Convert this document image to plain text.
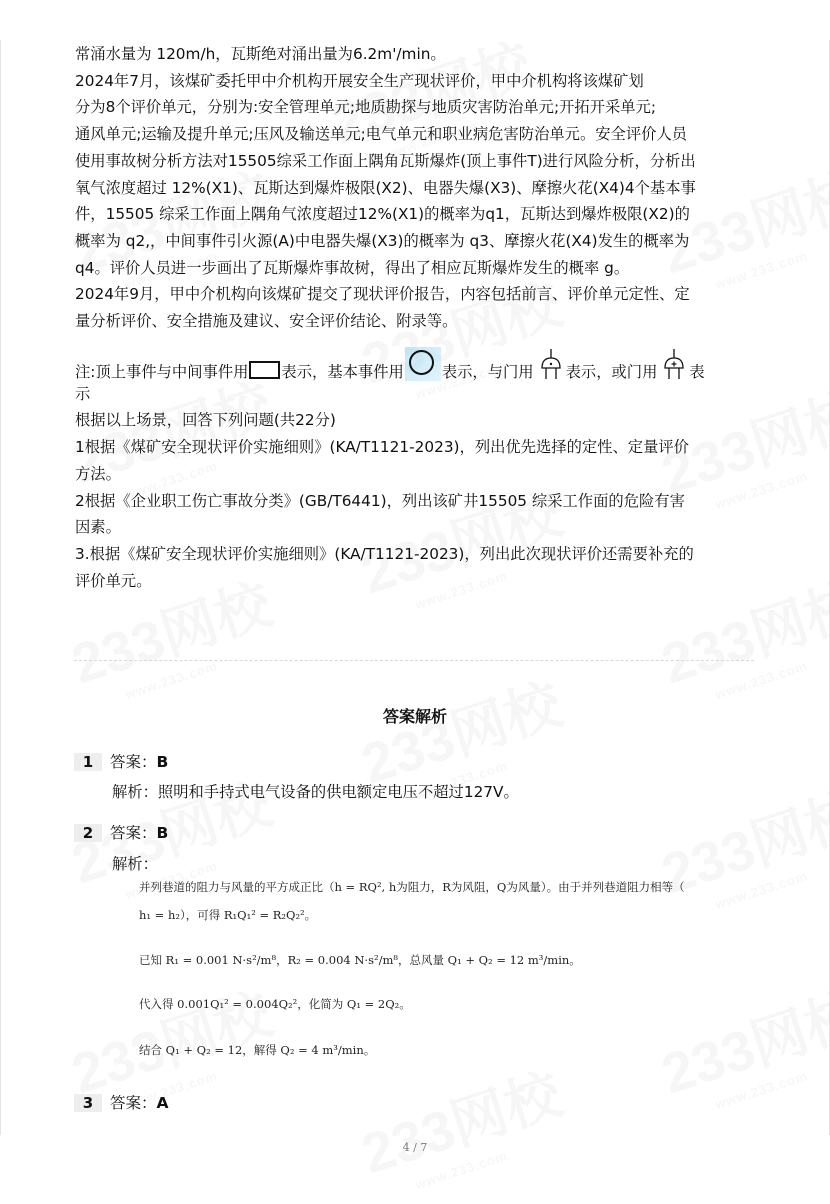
常涌水量为 120m/h，瓦斯绝对涌出量为6.2m'/min。

2024年7月，该煤矿委托甲中介机构开展安全生产现状评价，甲中介机构将该煤矿划

分为8个评价单元，分别为:安全管理单元;地质勘探与地质灾害防治单元;开拓开采单元;

通风单元;运输及提升单元;压风及输送单元;电气单元和职业病危害防治单元。安全评价人员

使用事故树分析方法对15505综采工作面上隅角瓦斯爆炸(顶上事件T)进行风险分析，分析出

氧气浓度超过 12%(X1)、瓦斯达到爆炸极限(X2)、电器失爆(X3)、摩擦火花(X4)4个基本事

件，15505 综采工作面上隅角气浓度超过12%(X1)的概率为q1，瓦斯达到爆炸极限(X2)的

概率为 q2,，中间事件引火源(A)中电器失爆(X3)的概率为 q3、摩擦火花(X4)发生的概率为

q4。评价人员进一步画出了瓦斯爆炸事故树，得出了相应瓦斯爆炸发生的概率 g。

2024年9月，甲中介机构向该煤矿提交了现状评价报告，内容包括前言、评价单元定性、定

量分析评价、安全措施及建议、安全评价结论、附录等。

注:顶上事件与中间事件用 表示，基本事件用 表示，与门用 表示，或门用 表

示

根据以上场景，回答下列问题(共22分)

1根据《煤矿安全现状评价实施细则》(KA/T1121-2023)，列出优先选择的定性、定量评价

方法。

2根据《企业职工伤亡事故分类》(GB/T6441)，列出该矿井15505 综采工作面的危险有害

因素。

3.根据《煤矿安全现状评价实施细则》(KA/T1121-2023)，列出此次现状评价还需要补充的

评价单元。

答案解析
1 答案：B
解析：照明和手持式电气设备的供电额定电压不超过127V。
2 答案：B
解析：
并列巷道的阻力与风量的平方成正比（h = RQ², h为阻力，R为风阻，Q为风量）。由于并列巷道阻力相等（
h₁ = h₂），可得 R₁Q₁² = R₂Q₂²。
已知 R₁ = 0.001 N·s²/m⁸，R₂ = 0.004 N·s²/m⁸，总风量 Q₁ + Q₂ = 12 m³/min。
代入得 0.001Q₁² = 0.004Q₂²，化简为 Q₁ = 2Q₂。
结合 Q₁ + Q₂ = 12，解得 Q₂ = 4 m³/min。
3 答案：A
4 / 7
